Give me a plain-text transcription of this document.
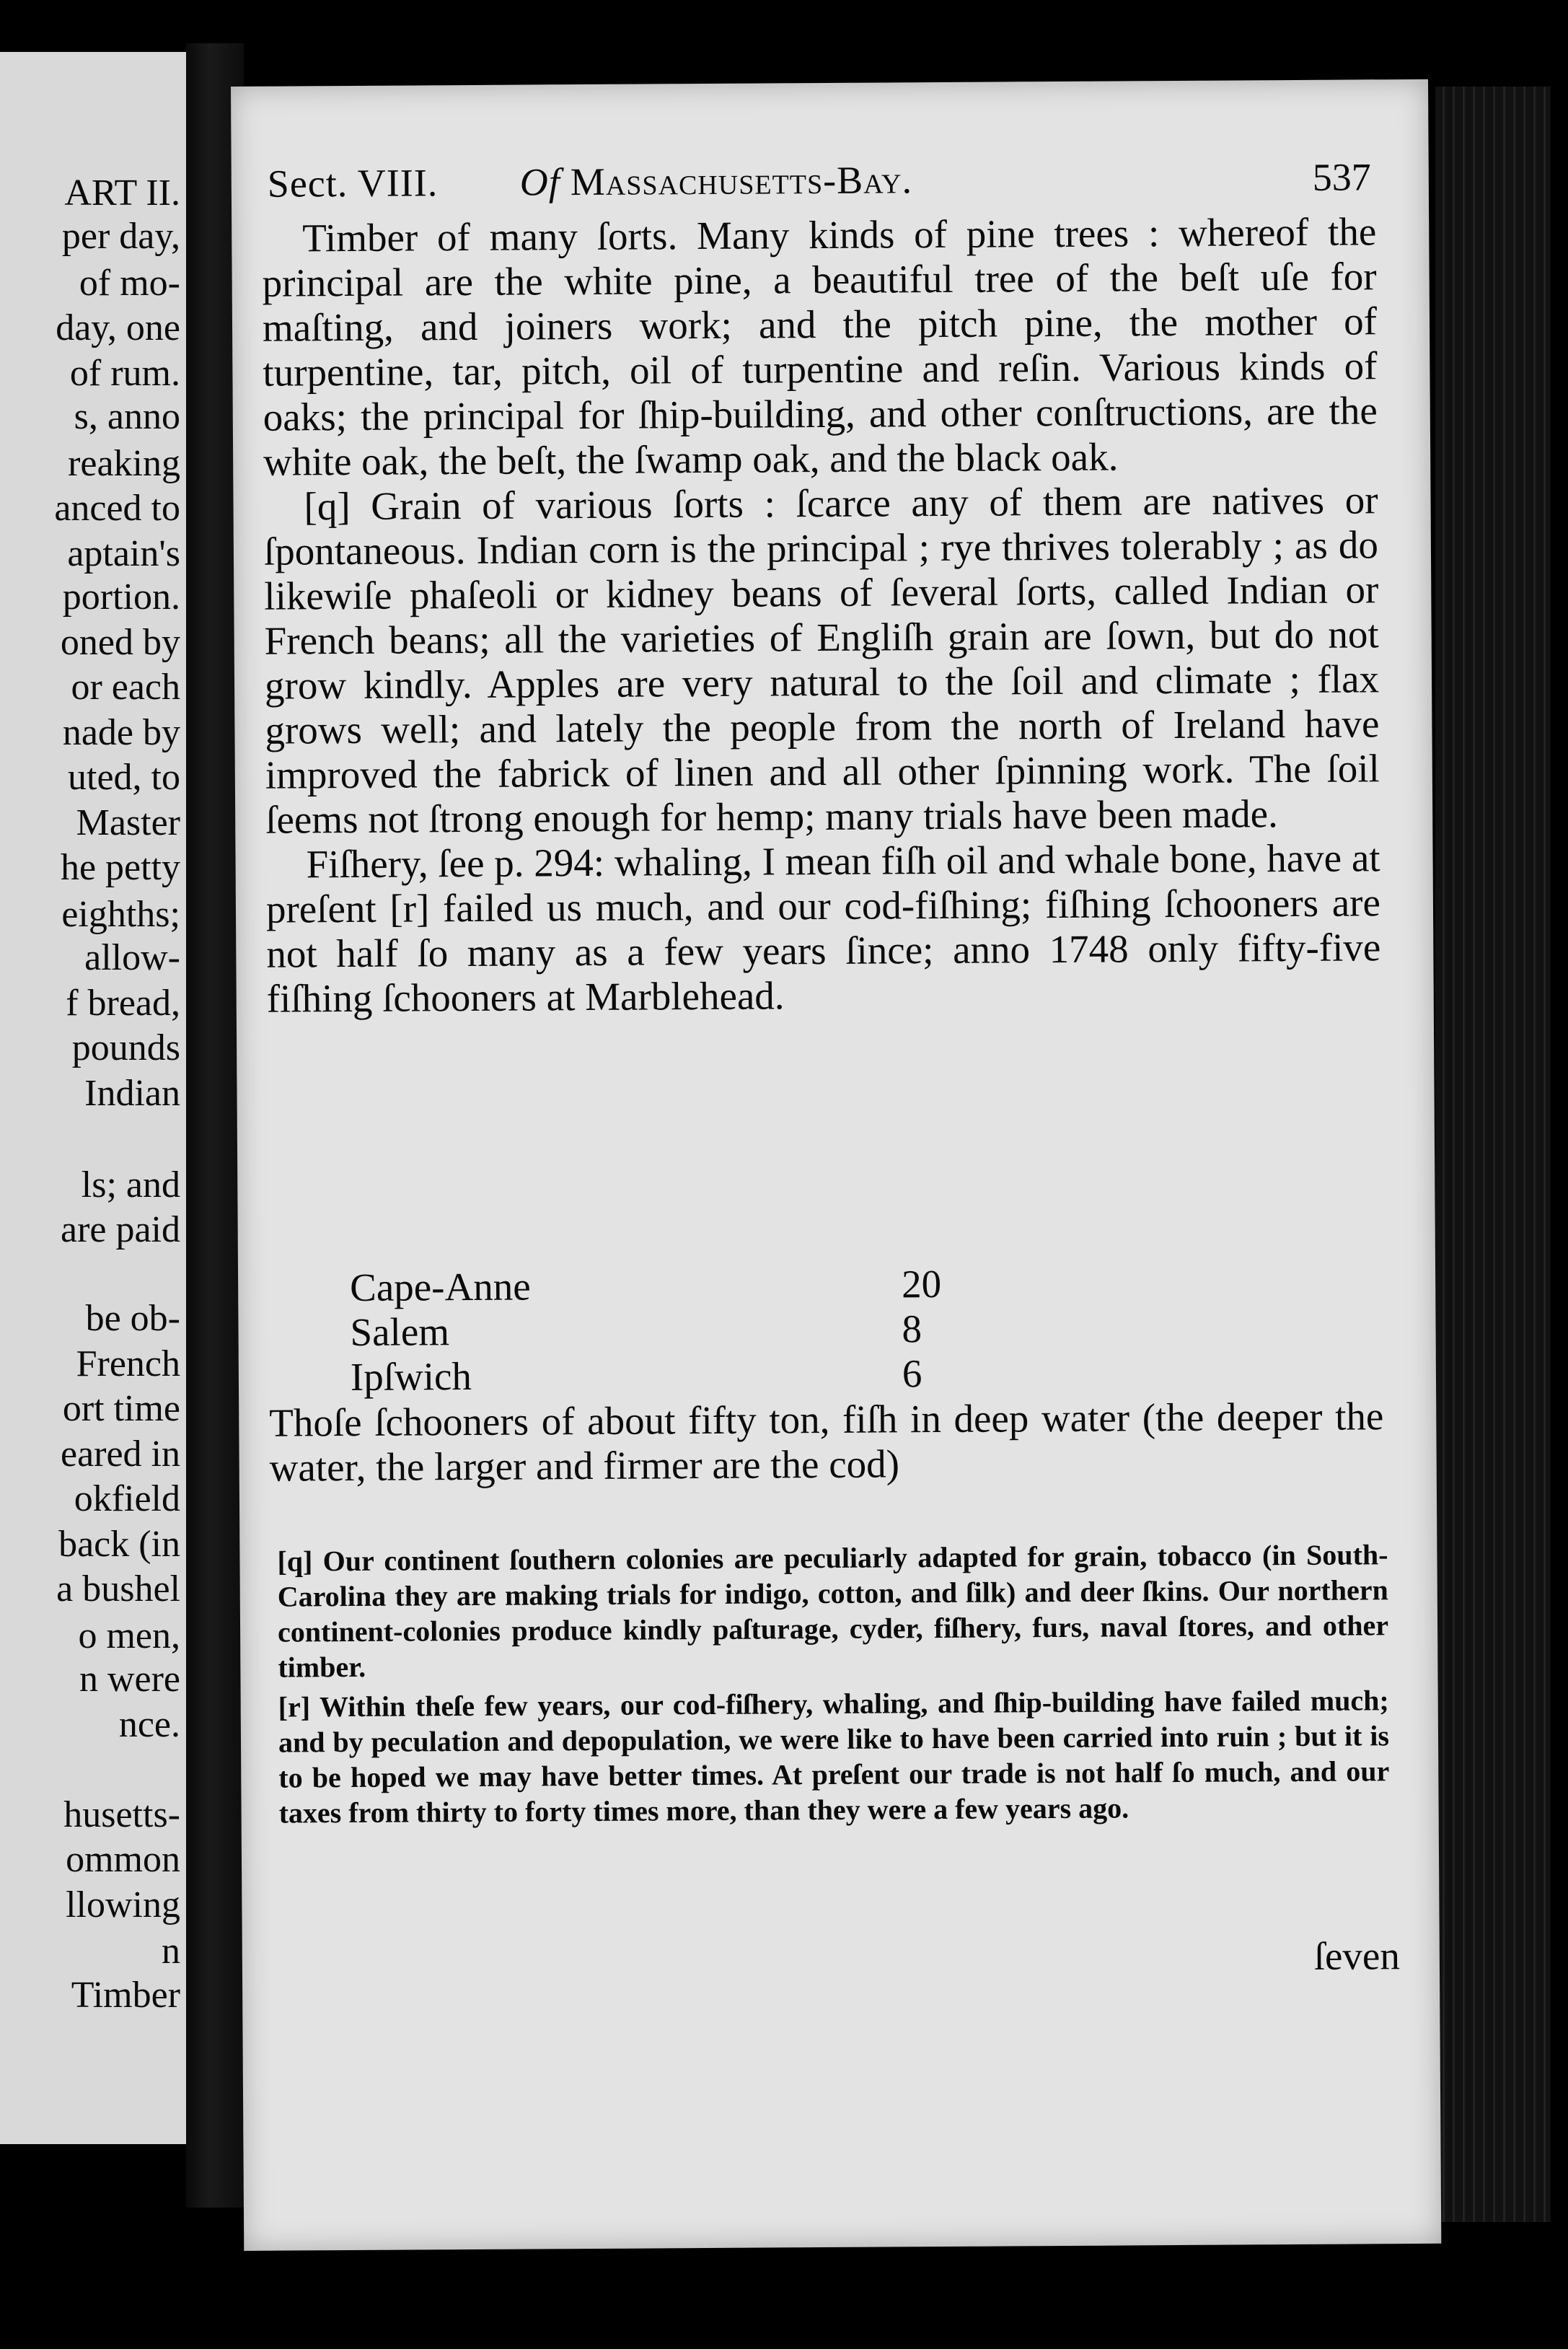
ART II.
per day,
of mo-
day, one
of rum.
s, anno
reaking
anced to
aptain's
portion.
oned by
or each
nade by
uted, to
Master
he petty
eighths;
allow-
f bread,
pounds
Indian
ls; and
are paid
be ob-
French
ort time
eared in
okfield
back (in
a bushel
o men,
n were
nce.
husetts-
ommon
llowing
n
Timber
Sect. VIII. Of Massachusetts-Bay.	537

Timber of many ſorts. Many kinds of pine trees : whereof the principal are the white pine, a beautiful tree of the beſt uſe for maſting, and joiners work; and the pitch pine, the mother of turpentine, tar, pitch, oil of turpentine and reſin. Various kinds of oaks; the principal for ſhip-building, and other conſtructions, are the white oak, the beſt, the ſwamp oak, and the black oak.

[q] Grain of various ſorts : ſcarce any of them are natives or ſpontaneous. Indian corn is the principal ; rye thrives tolerably ; as do likewiſe phaſeoli or kidney beans of ſeveral ſorts, called Indian or French beans; all the varieties of Engliſh grain are ſown, but do not grow kindly. Apples are very natural to the ſoil and climate ; flax grows well; and lately the people from the north of Ireland have improved the fabrick of linen and all other ſpinning work. The ſoil ſeems not ſtrong enough for hemp; many trials have been made.

Fiſhery, ſee p. 294: whaling, I mean fiſh oil and whale bone, have at preſent [r] failed us much, and our cod-fiſhing; fiſhing ſchooners are not half ſo many as a few years ſince; anno 1748 only fifty-five fiſhing ſchooners at Marblehead.

Cape-Anne	20
Salem	8
Ipſwich	6
Thoſe ſchooners of about fifty ton, fiſh in deep water (the deeper the water, the larger and firmer are the cod)

[q] Our continent ſouthern colonies are peculiarly adapted for grain, tobacco (in South-Carolina they are making trials for indigo, cotton, and ſilk) and deer ſkins. Our northern continent-colonies produce kindly paſturage, cyder, fiſhery, furs, naval ſtores, and other timber.

[r] Within theſe few years, our cod-fiſhery, whaling, and ſhip-building have failed much; and by peculation and depopulation, we were like to have been carried into ruin ; but it is to be hoped we may have better times. At preſent our trade is not half ſo much, and our taxes from thirty to forty times more, than they were a few years ago.

ſeven
